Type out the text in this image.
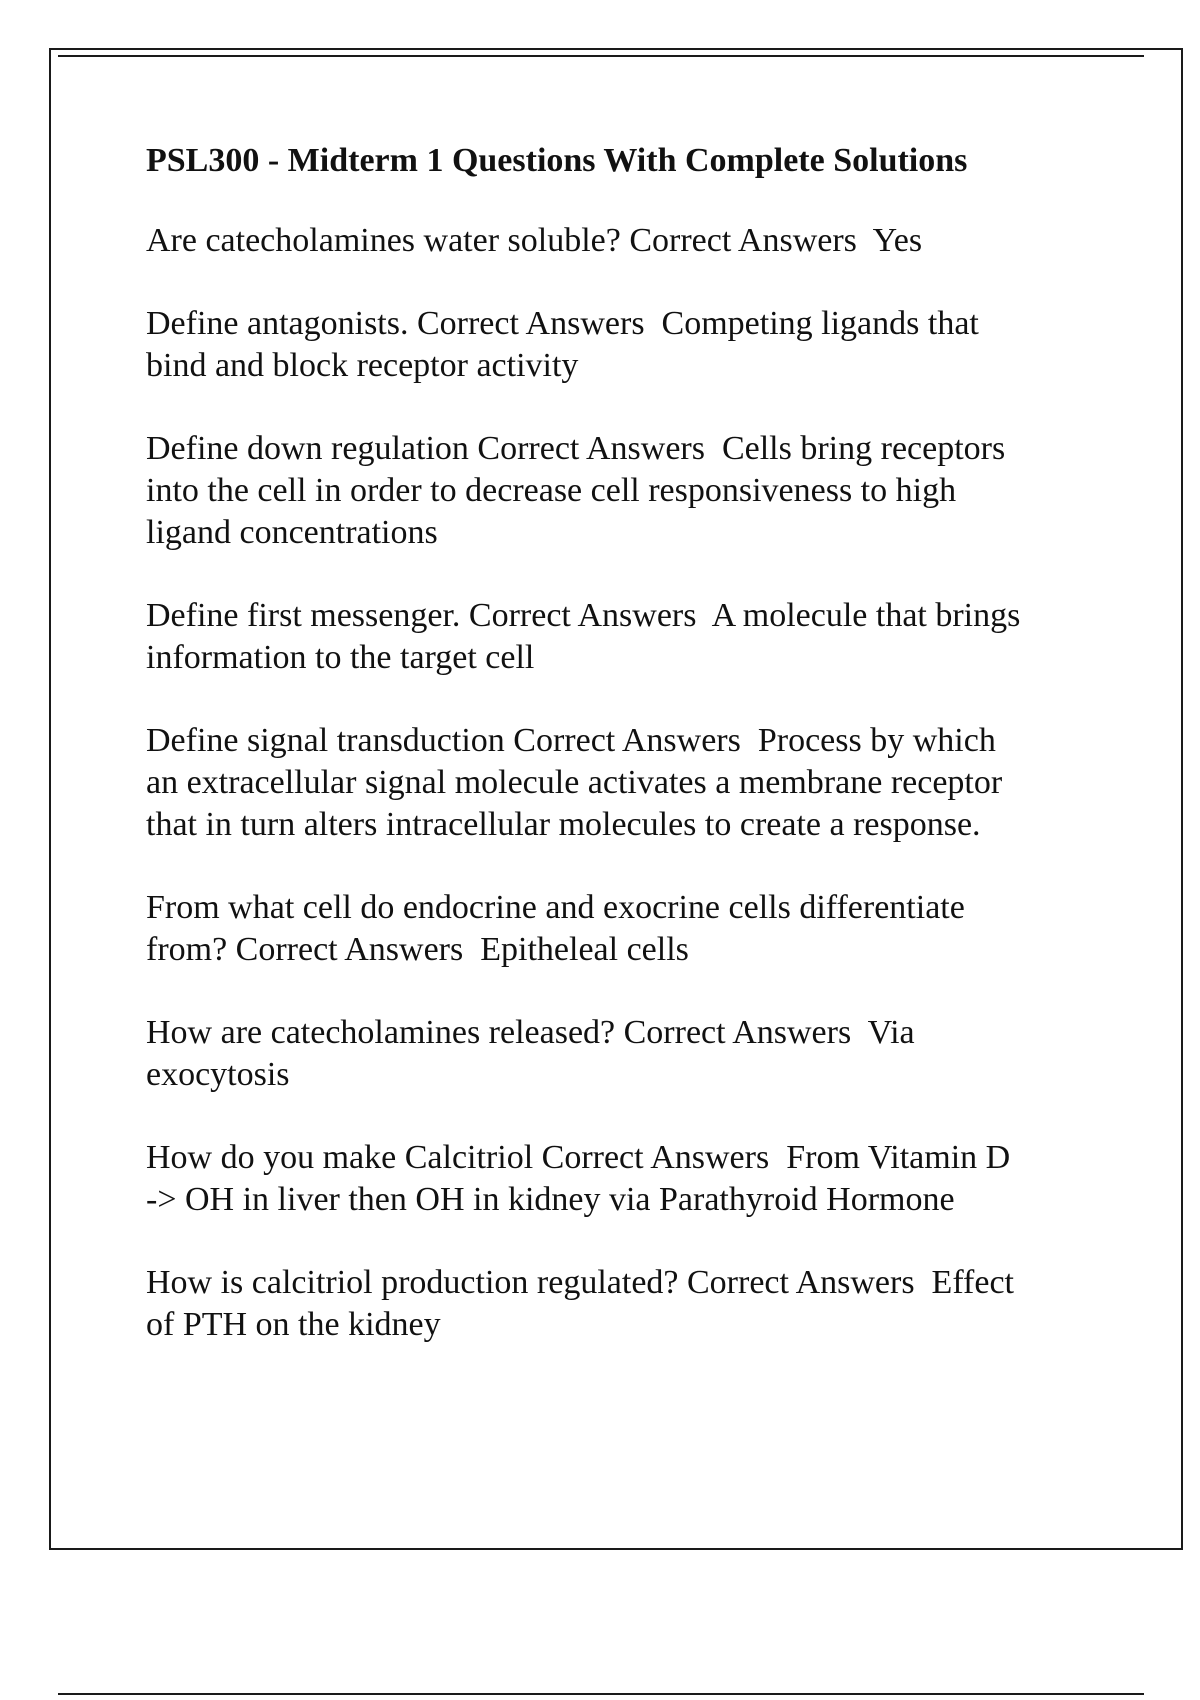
PSL300 - Midterm 1 Questions With Complete Solutions

Are catecholamines water soluble? Correct Answers  Yes

Define antagonists. Correct Answers  Competing ligands that
bind and block receptor activity

Define down regulation Correct Answers  Cells bring receptors
into the cell in order to decrease cell responsiveness to high
ligand concentrations

Define first messenger. Correct Answers  A molecule that brings
information to the target cell

Define signal transduction Correct Answers  Process by which
an extracellular signal molecule activates a membrane receptor
that in turn alters intracellular molecules to create a response.

From what cell do endocrine and exocrine cells differentiate
from? Correct Answers  Epitheleal cells

How are catecholamines released? Correct Answers  Via
exocytosis

How do you make Calcitriol Correct Answers  From Vitamin D
-> OH in liver then OH in kidney via Parathyroid Hormone

How is calcitriol production regulated? Correct Answers  Effect
of PTH on the kidney
